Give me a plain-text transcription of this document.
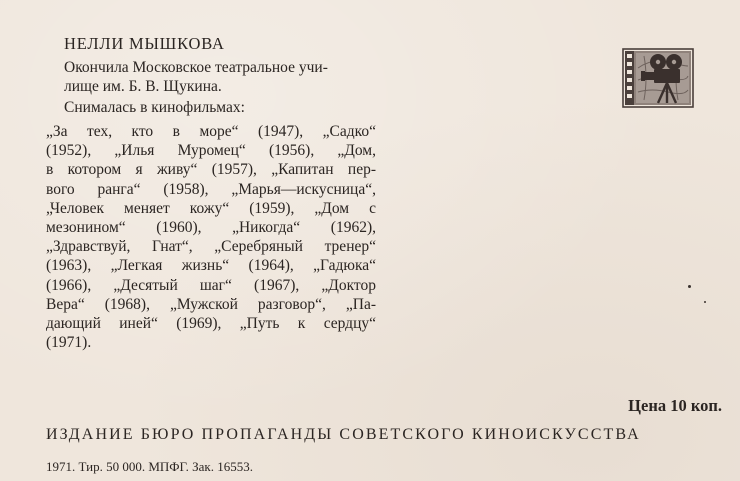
НЕЛЛИ МЫШКОВА
Окончила Московское театральное учи-
лище им. Б. В. Щукина.
Снималась в кинофильмах:
„За тех, кто в море“ (1947), „Садко“
(1952), „Илья Муромец“ (1956), „Дом,
в котором я живу“ (1957), „Капитан пер-
вого ранга“ (1958), „Марья—искусница“,
„Человек меняет кожу“ (1959), „Дом с
мезонином“ (1960), „Никогда“ (1962),
„Здравствуй, Гнат“, „Серебряный тренер“
(1963), „Легкая жизнь“ (1964), „Гадюка“
(1966), „Десятый шаг“ (1967), „Доктор
Вера“ (1968), „Мужской разговор“, „Па-
дающий иней“ (1969), „Путь к сердцу“
(1971).
Цена 10 коп.
ИЗДАНИЕ БЮРО ПРОПАГАНДЫ СОВЕТСКОГО КИНОИСКУССТВА
1971. Тир. 50 000. МПФГ. Зак. 16553.
